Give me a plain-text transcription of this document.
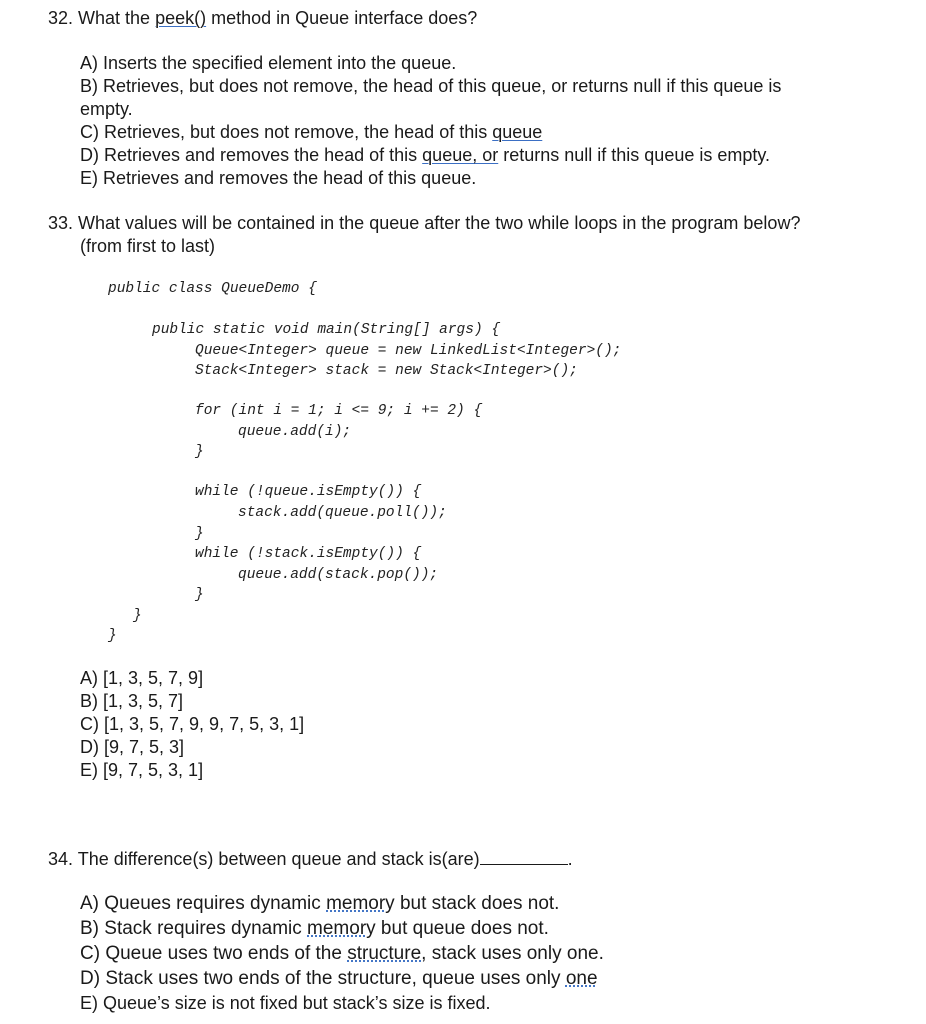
32. What the peek() method in Queue interface does?
A) Inserts the specified element into the queue.
B) Retrieves, but does not remove, the head of this queue, or returns null if this queue is
empty.
C) Retrieves, but does not remove, the head of this queue
D) Retrieves and removes the head of this queue, or returns null if this queue is empty.
E) Retrieves and removes the head of this queue.
33. What values will be contained in the queue after the two while loops in the program below?
(from first to last)
public class QueueDemo {
public static void main(String[] args) {
Queue<Integer> queue = new LinkedList<Integer>();
Stack<Integer> stack = new Stack<Integer>();
for (int i = 1; i <= 9; i += 2) {
queue.add(i);
}
while (!queue.isEmpty()) {
stack.add(queue.poll());
}
while (!stack.isEmpty()) {
queue.add(stack.pop());
}
}
}
A) [1, 3, 5, 7, 9]
B) [1, 3, 5, 7]
C) [1, 3, 5, 7, 9, 9, 7, 5, 3, 1]
D) [9, 7, 5, 3]
E) [9, 7, 5, 3, 1]
34. The difference(s) between queue and stack is(are)	.
A) Queues requires dynamic memory but stack does not.
B) Stack requires dynamic memory but queue does not.
C) Queue uses two ends of the structure, stack uses only one.
D) Stack uses two ends of the structure, queue uses only one
E) Queue’s size is not fixed but stack’s size is fixed.
